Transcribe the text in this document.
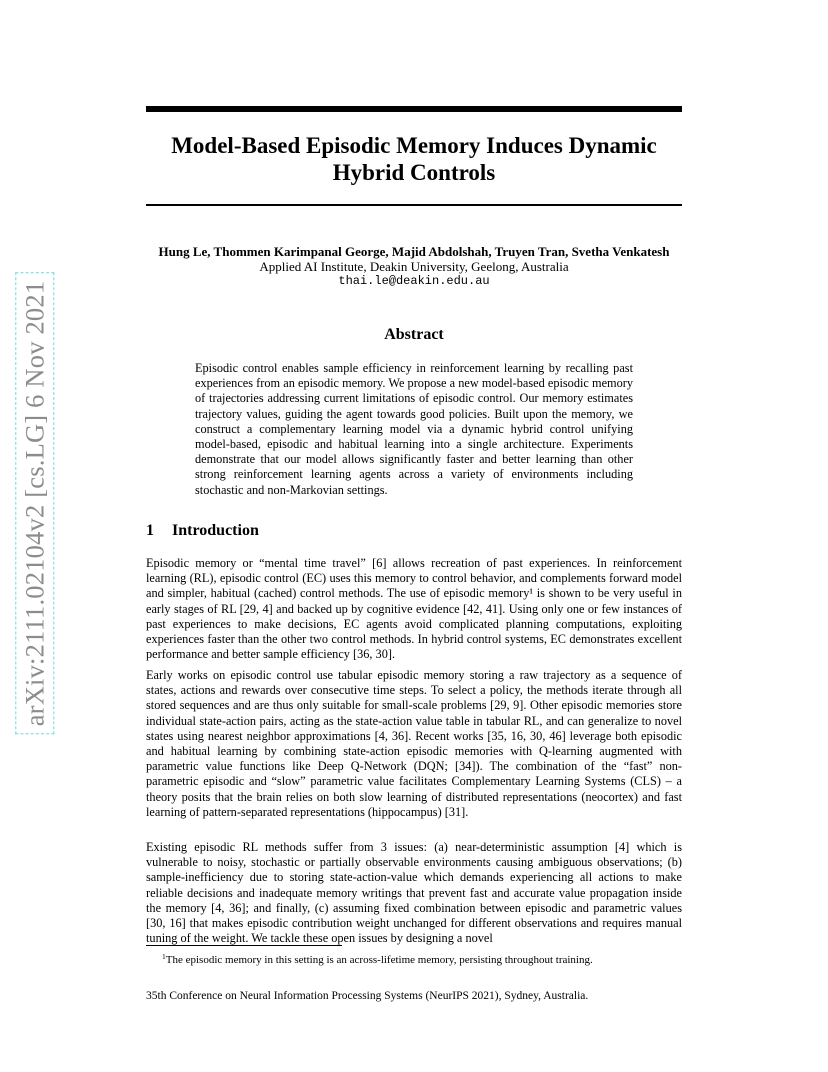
arXiv:2111.02104v2 [cs.LG] 6 Nov 2021
Model-Based Episodic Memory Induces Dynamic
Hybrid Controls
Hung Le, Thommen Karimpanal George, Majid Abdolshah, Truyen Tran, Svetha Venkatesh
Applied AI Institute, Deakin University, Geelong, Australia
thai.le@deakin.edu.au
Abstract

Episodic control enables sample efficiency in reinforcement learning by recalling past experiences from an episodic memory. We propose a new model-based episodic memory of trajectories addressing current limitations of episodic control. Our memory estimates trajectory values, guiding the agent towards good policies. Built upon the memory, we construct a complementary learning model via a dynamic hybrid control unifying model-based, episodic and habitual learning into a single architecture. Experiments demonstrate that our model allows significantly faster and better learning than other strong reinforcement learning agents across a variety of environments including stochastic and non-Markovian settings.

1 Introduction

Episodic memory or “mental time travel” [6] allows recreation of past experiences. In reinforcement learning (RL), episodic control (EC) uses this memory to control behavior, and complements forward model and simpler, habitual (cached) control methods. The use of episodic memory¹ is shown to be very useful in early stages of RL [29, 4] and backed up by cognitive evidence [42, 41]. Using only one or few instances of past experiences to make decisions, EC agents avoid complicated planning computations, exploiting experiences faster than the other two control methods. In hybrid control systems, EC demonstrates excellent performance and better sample efficiency [36, 30].

Early works on episodic control use tabular episodic memory storing a raw trajectory as a sequence of states, actions and rewards over consecutive time steps. To select a policy, the methods iterate through all stored sequences and are thus only suitable for small-scale problems [29, 9]. Other episodic memories store individual state-action pairs, acting as the state-action value table in tabular RL, and can generalize to novel states using nearest neighbor approximations [4, 36]. Recent works [35, 16, 30, 46] leverage both episodic and habitual learning by combining state-action episodic memories with Q-learning augmented with parametric value functions like Deep Q-Network (DQN; [34]). The combination of the “fast” non-parametric episodic and “slow” parametric value facilitates Complementary Learning Systems (CLS) – a theory posits that the brain relies on both slow learning of distributed representations (neocortex) and fast learning of pattern-separated representations (hippocampus) [31].

Existing episodic RL methods suffer from 3 issues: (a) near-deterministic assumption [4] which is vulnerable to noisy, stochastic or partially observable environments causing ambiguous observations; (b) sample-inefficiency due to storing state-action-value which demands experiencing all actions to make reliable decisions and inadequate memory writings that prevent fast and accurate value propagation inside the memory [4, 36]; and finally, (c) assuming fixed combination between episodic and parametric values [30, 16] that makes episodic contribution weight unchanged for different observations and requires manual tuning of the weight. We tackle these open issues by designing a novel

$^1$The episodic memory in this setting is an across-lifetime memory, persisting throughout training.
35th Conference on Neural Information Processing Systems (NeurIPS 2021), Sydney, Australia.
